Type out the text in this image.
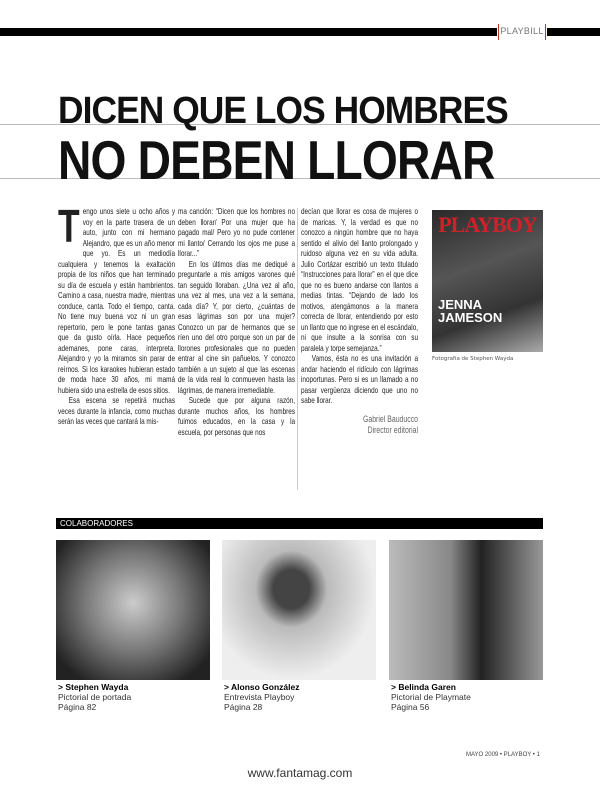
PLAYBILL
DICEN QUE LOS HOMBRES
NO DEBEN LLORAR

Tengo unos siete u ocho años y voy en la parte trasera de un auto, junto con mi hermano Alejandro, que es un año menor que yo. Es un mediodía cualquiera y tenemos la exaltación propia de los niños que han terminado su día de escuela y están hambrientos. Camino a casa, nuestra madre, mientras conduce, canta. Todo el tiempo, canta. No tiene muy buena voz ni un gran repertorio, pero le pone tantas ganas que da gusto oírla. Hace pequeños ademanes, pone caras, interpreta. Alejandro y yo la miramos sin parar de reírnos. Si los karaokes hubieran estado de moda hace 30 años, mi mamá hubiera sido una estrella de esos sitios.

Esa escena se repetirá muchas veces durante la infancia, como muchas serán las veces que cantará la mis-

ma canción: “Dicen que los hombres no deben llorar/ Por una mujer que ha pagado mal/ Pero yo no pude contener mi llanto/ Cerrando los ojos me puse a llorar...”

En los últimos días me dediqué a preguntarle a mis amigos varones qué tan seguido lloraban. ¿Una vez al año, una vez al mes, una vez a la semana, cada día? Y, por cierto, ¿cuántas de esas lágrimas son por una mujer? Conozco un par de hermanos que se ríen uno del otro porque son un par de llorones profesionales que no pueden entrar al cine sin pañuelos. Y conozco también a un sujeto al que las escenas de la vida real lo conmueven hasta las lágrimas, de manera irremediable.

Sucede que por alguna razón, durante muchos años, los hombres fuimos educados, en la casa y la escuela, por personas que nos

decían que llorar es cosa de mujeres o de maricas. Y, la verdad es que no conozco a ningún hombre que no haya sentido el alivio del llanto prolongado y ruidoso alguna vez en su vida adulta. Julio Cortázar escribió un texto titulado “Instrucciones para llorar” en el que dice que no es bueno andarse con llantos a medias tintas. “Dejando de lado los motivos, atengámonos a la manera correcta de llorar, entendiendo por esto un llanto que no ingrese en el escándalo, ni que insulte a la sonrisa con su paralela y torpe semejanza.”

Vamos, ésta no es una invitación a andar haciendo el ridículo con lágrimas inoportunas. Pero si es un llamado a no pasar vergüenza diciendo que uno no sabe llorar.

Gabriel Bauducco
Director editorial
PLAYBOY
JENNA JAMESON
Fotografía de Stephen Wayda
COLABORADORES
> Stephen Wayda
Pictorial de portada
Página 82
> Alonso González
Entrevista Playboy
Página 28
> Belinda Garen
Pictorial de Playmate
Página 56
MAYO 2009 • PLAYBOY • 1
www.fantamag.com
